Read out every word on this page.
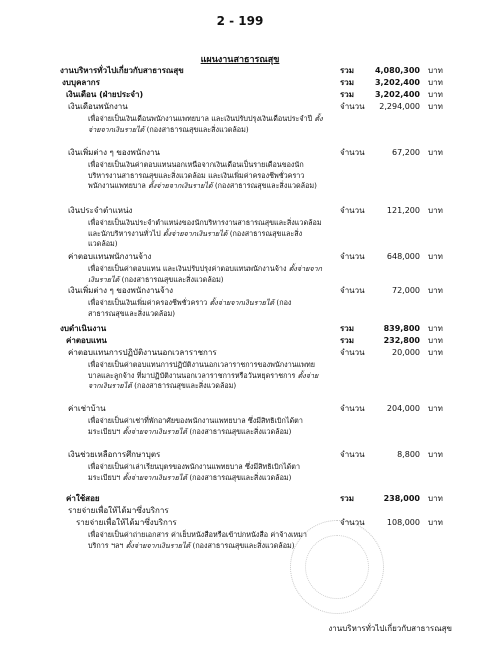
2 - 199
แผนงานสาธารณสุข
งานบริหารทั่วไปเกี่ยวกับสาธารณสุข	รวม	4,080,300 บาท
งบบุคลากร	รวม	3,202,400 บาท
เงินเดือน (ฝ่ายประจำ)	รวม	3,202,400 บาท
เงินเดือนพนักงาน	จำนวน	2,294,000 บาท
เพื่อจ่ายเป็นเงินเดือนพนักงานแพทยบาล และเงินปรับปรุงเงินเดือนประจำปี ตั้งจ่ายจากเงินรายได้ (กองสาธารณสุขและสิ่งแวดล้อม)
เงินเพิ่มต่าง ๆ ของพนักงาน	จำนวน	67,200 บาท
เพื่อจ่ายเป็นเงินค่าตอบแทนนอกเหนือจากเงินเดือนเป็นรายเดือนของนักบริหารงานสาธารณสุขและสิ่งแวดล้อม และเงินเพิ่มค่าครองชีพชั่วคราวพนักงานแพทยบาล ตั้งจ่ายจากเงินรายได้ (กองสาธารณสุขและสิ่งแวดล้อม)
เงินประจำตำแหน่ง	จำนวน	121,200 บาท
เพื่อจ่ายเป็นเงินประจำตำแหน่งของนักบริหารงานสาธารณสุขและสิ่งแวดล้อม และนักบริหารงานทั่วไป ตั้งจ่ายจากเงินรายได้ (กองสาธารณสุขและสิ่งแวดล้อม)
ค่าตอบแทนพนักงานจ้าง	จำนวน	648,000 บาท
เพื่อจ่ายเป็นค่าตอบแทน และเงินปรับปรุงค่าตอบแทนพนักงานจ้าง ตั้งจ่ายจากเงินรายได้ (กองสาธารณสุขและสิ่งแวดล้อม)
เงินเพิ่มต่าง ๆ ของพนักงานจ้าง	จำนวน	72,000 บาท
เพื่อจ่ายเป็นเงินเพิ่มค่าครองชีพชั่วคราว ตั้งจ่ายจากเงินรายได้ (กองสาธารณสุขและสิ่งแวดล้อม)
งบดำเนินงาน	รวม	839,800 บาท
ค่าตอบแทน	รวม	232,800 บาท
ค่าตอบแทนการปฏิบัติงานนอกเวลาราชการ	จำนวน	20,000 บาท
เพื่อจ่ายเป็นค่าตอบแทนการปฏิบัติงานนอกเวลาราชการของพนักงานแพทยบาลและลูกจ้าง ที่มาปฏิบัติงานนอกเวลาราชการหรือวันหยุดราชการ ตั้งจ่ายจากเงินรายได้ (กองสาธารณสุขและสิ่งแวดล้อม)
ค่าเช่าบ้าน	จำนวน	204,000 บาท
เพื่อจ่ายเป็นค่าเช่าที่พักอาศัยของพนักงานแพทยบาล ซึ่งมีสิทธิเบิกได้ตามระเบียบฯ ตั้งจ่ายจากเงินรายได้ (กองสาธารณสุขและสิ่งแวดล้อม)
เงินช่วยเหลือการศึกษาบุตร	จำนวน	8,800 บาท
เพื่อจ่ายเป็นค่าเล่าเรียนบุตรของพนักงานแพทยบาล ซึ่งมีสิทธิเบิกได้ตามระเบียบฯ ตั้งจ่ายจากเงินรายได้ (กองสาธารณสุขและสิ่งแวดล้อม)
ค่าใช้สอย	รวม	238,000 บาท
รายจ่ายเพื่อให้ได้มาซึ่งบริการ
รายจ่ายเพื่อให้ได้มาซึ่งบริการ	จำนวน	108,000 บาท
เพื่อจ่ายเป็นค่าถ่ายเอกสาร ค่าเย็บหนังสือหรือเข้าปกหนังสือ ค่าจ้างเหมาบริการ ฯลฯ ตั้งจ่ายจากเงินรายได้ (กองสาธารณสุขและสิ่งแวดล้อม)
งานบริหารทั่วไปเกี่ยวกับสาธารณสุข
